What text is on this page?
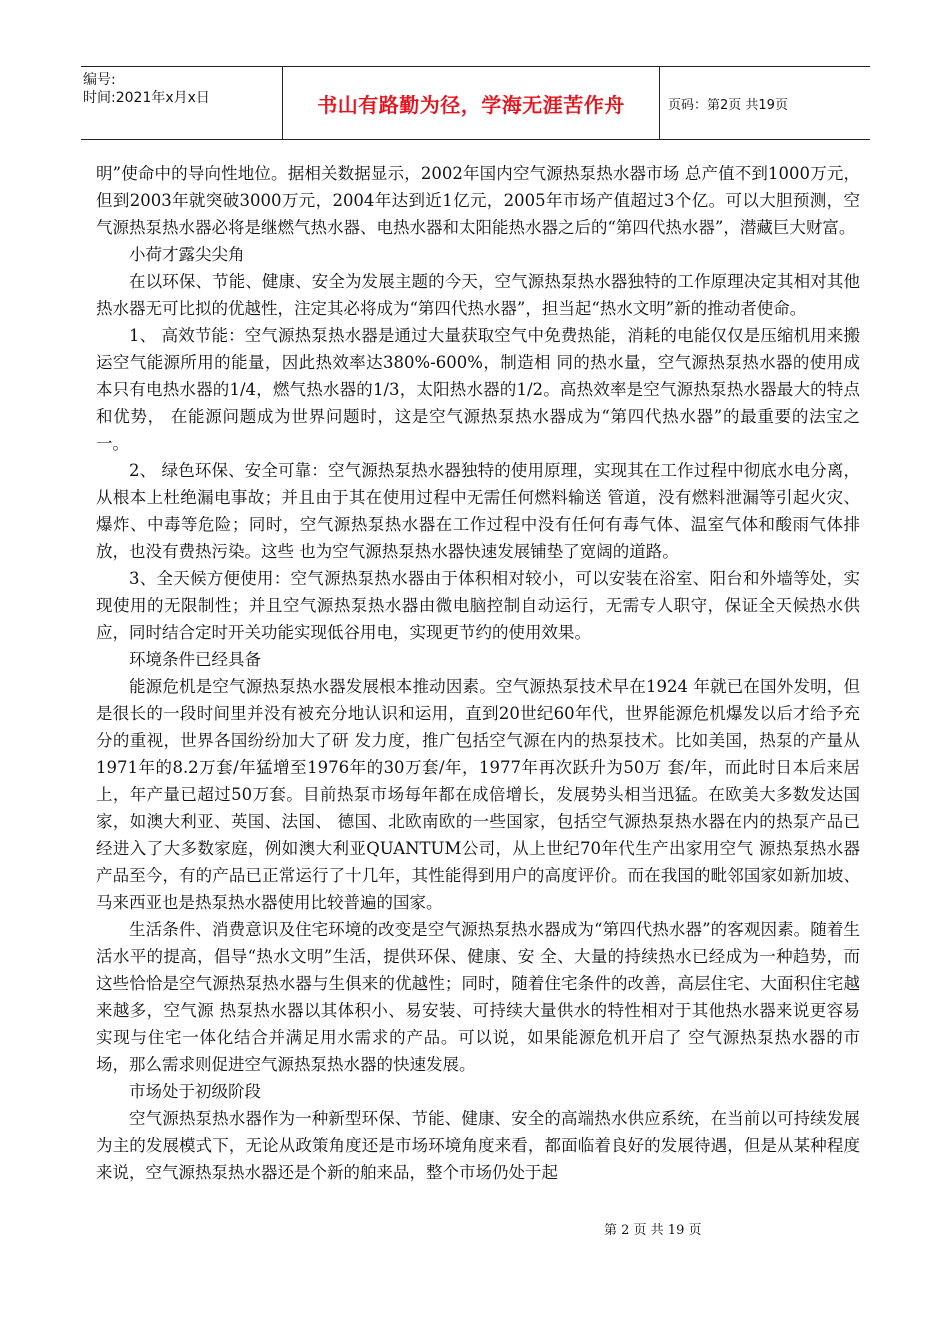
编号:
时间:2021年x月x日	书山有路勤为径，学海无涯苦作舟	页码：第2页 共19页

明”使命中的导向性地位。据相关数据显示，2002年国内空气源热泵热水器市场 总产值不到1000万元，但到2003年就突破3000万元，2004年达到近1亿元，2005年市场产值超过3个亿。可以大胆预测，空气源热泵热水器必将是继燃气热水器、电热水器和太阳能热水器之后的“第四代热水器”，潜藏巨大财富。

小荷才露尖尖角

在以环保、节能、健康、安全为发展主题的今天，空气源热泵热水器独特的工作原理决定其相对其他热水器无可比拟的优越性，注定其必将成为“第四代热水器”，担当起“热水文明”新的推动者使命。

1、 高效节能：空气源热泵热水器是通过大量获取空气中免费热能，消耗的电能仅仅是压缩机用来搬运空气能源所用的能量，因此热效率达380%-600%，制造相 同的热水量，空气源热泵热水器的使用成本只有电热水器的1/4，燃气热水器的1/3，太阳热水器的1/2。高热效率是空气源热泵热水器最大的特点和优势， 在能源问题成为世界问题时，这是空气源热泵热水器成为“第四代热水器”的最重要的法宝之一。

2、 绿色环保、安全可靠：空气源热泵热水器独特的使用原理，实现其在工作过程中彻底水电分离，从根本上杜绝漏电事故；并且由于其在使用过程中无需任何燃料输送 管道，没有燃料泄漏等引起火灾、爆炸、中毒等危险；同时，空气源热泵热水器在工作过程中没有任何有毒气体、温室气体和酸雨气体排放，也没有费热污染。这些 也为空气源热泵热水器快速发展铺垫了宽阔的道路。

3、全天候方便使用：空气源热泵热水器由于体积相对较小，可以安装在浴室、阳台和外墙等处，实现使用的无限制性；并且空气源热泵热水器由微电脑控制自动运行，无需专人职守，保证全天候热水供应，同时结合定时开关功能实现低谷用电，实现更节约的使用效果。

环境条件已经具备

能源危机是空气源热泵热水器发展根本推动因素。空气源热泵技术早在1924 年就已在国外发明，但是很长的一段时间里并没有被充分地认识和运用，直到20世纪60年代，世界能源危机爆发以后才给予充分的重视，世界各国纷纷加大了研 发力度，推广包括空气源在内的热泵技术。比如美国，热泵的产量从1971年的8.2万套/年猛增至1976年的30万套/年，1977年再次跃升为50万 套/年，而此时日本后来居上，年产量已超过50万套。目前热泵市场每年都在成倍增长，发展势头相当迅猛。在欧美大多数发达国家，如澳大利亚、英国、法国、 德国、北欧南欧的一些国家，包括空气源热泵热水器在内的热泵产品已经进入了大多数家庭，例如澳大利亚QUANTUM公司，从上世纪70年代生产出家用空气 源热泵热水器产品至今，有的产品已正常运行了十几年，其性能得到用户的高度评价。而在我国的毗邻国家如新加坡、马来西亚也是热泵热水器使用比较普遍的国家。

生活条件、消费意识及住宅环境的改变是空气源热泵热水器成为“第四代热水器”的客观因素。随着生活水平的提高，倡导“热水文明”生活，提供环保、健康、安 全、大量的持续热水已经成为一种趋势，而这些恰恰是空气源热泵热水器与生俱来的优越性；同时，随着住宅条件的改善，高层住宅、大面积住宅越来越多，空气源 热泵热水器以其体积小、易安装、可持续大量供水的特性相对于其他热水器来说更容易实现与住宅一体化结合并满足用水需求的产品。可以说，如果能源危机开启了 空气源热泵热水器的市场，那么需求则促进空气源热泵热水器的快速发展。

市场处于初级阶段

空气源热泵热水器作为一种新型环保、节能、健康、安全的高端热水供应系统，在当前以可持续发展为主的发展模式下，无论从政策角度还是市场环境角度来看，都面临着良好的发展待遇，但是从某种程度来说，空气源热泵热水器还是个新的舶来品，整个市场仍处于起

第 2 页 共 19 页
